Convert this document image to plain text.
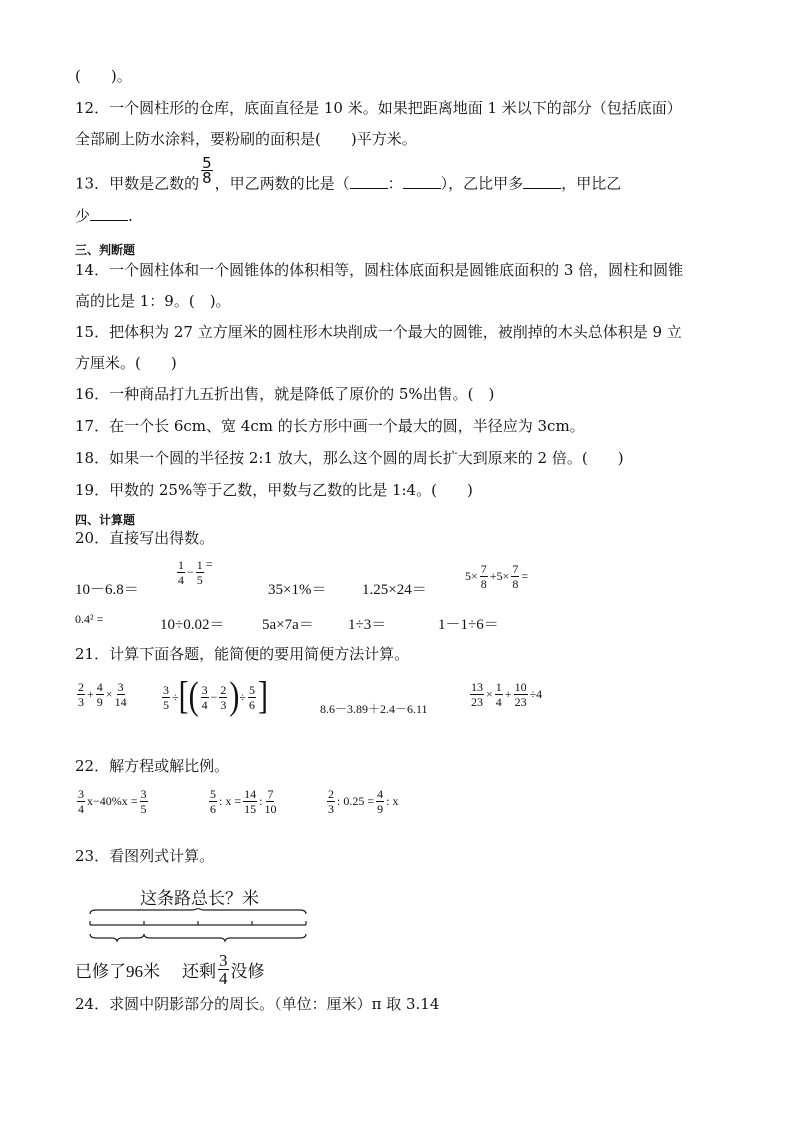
(　　)。
12．一个圆柱形的仓库，底面直径是 10 米。如果把距离地面 1 米以下的部分（包括底面）
全部刷上防水涂料，要粉刷的面积是(　　)平方米。
13．甲数是乙数的 $\frac{5}{8}$ ，甲乙两数的比是（	：	），乙比甲多	，甲比乙
少	.
三、判断题
14．一个圆柱体和一个圆锥体的体积相等，圆柱体底面积是圆锥底面积的 3 倍，圆柱和圆锥
高的比是 1：9。(　)。
15．把体积为 27 立方厘米的圆柱形木块削成一个最大的圆锥，被削掉的木头总体积是 9 立
方厘米。(　　)
16．一种商品打九五折出售，就是降低了原价的 5%出售。(　)
17．在一个长 6cm、宽 4cm 的长方形中画一个最大的圆，半径应为 3cm。
18．如果一个圆的半径按 2:1 放大，那么这个圆的周长扩大到原来的 2 倍。(　　)
19．甲数的 25%等于乙数，甲数与乙数的比是 1:4。(　　)
四、计算题
20．直接写出得数。
10－6.8＝
$\frac{1}{4} - \frac{1}{5}$ =
35×1%＝ 1.25×24＝
$5\times \frac{7}{8} +5\times \frac{7}{8}$ =
0.4² =	10÷0.02＝	5a×7a＝ 1÷3＝	1－1÷6＝
21．计算下面各题，能简便的要用简便方法计算。
$\frac{2}{3} + \frac{4}{9} \times \frac{3}{14}$	$\frac{3}{5}$ ÷ [ ( $\frac{3}{4} - \frac{2}{3}$ ) ÷ $\frac{5}{6}$ ]	8.6－3.89＋2.4－6.11	$\frac{13}{23} \times \frac{1}{4} + \frac{10}{23} \div 4$
22．解方程或解比例。
$\frac{3}{4} x-40\%x = \frac{3}{5}$	$\frac{5}{6}$ : $x = \frac{14}{15}$ : $\frac{7}{10}$	$\frac{2}{3}$ : $0.25 = \frac{4}{9}$ : x
23．看图列式计算。
这条路总长？米
已修了96米 还剩 $\frac{3}{4}$ 没修
24．求圆中阴影部分的周长。（单位：厘米）π 取 3.14
